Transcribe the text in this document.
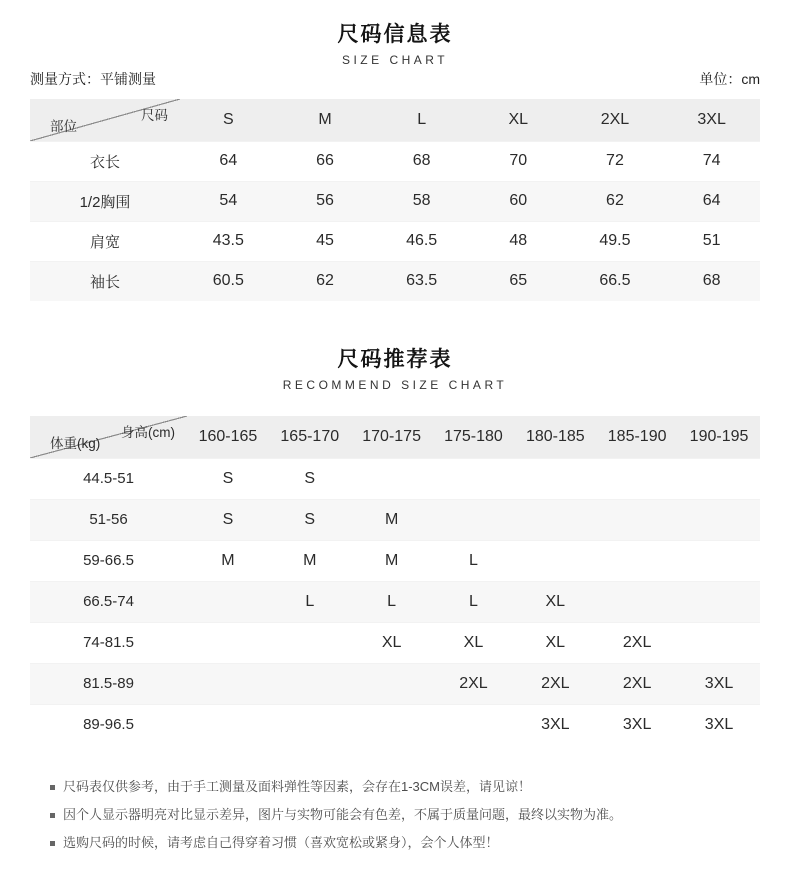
尺码信息表
SIZE CHART
测量方式：平铺测量	单位：cm
尺码
部位	S	M	L	XL	2XL	3XL
衣长	64	66	68	70	72	74
1/2胸围	54	56	58	60	62	64
肩宽	43.5	45	46.5	48	49.5	51
袖长	60.5	62	63.5	65	66.5	68
尺码推荐表
RECOMMEND SIZE CHART
身高(cm)
体重(kg)	160-165	165-170	170-175	175-180	180-185	185-190	190-195
44.5-51	S	S					
51-56	S	S	M				
59-66.5	M	M	M	L			
66.5-74		L	L	L	XL		
74-81.5			XL	XL	XL	2XL	
81.5-89				2XL	2XL	2XL	3XL
89-96.5					3XL	3XL	3XL
尺码表仅供参考，由于手工测量及面料弹性等因素，会存在1-3CM误差，请见谅！
因个人显示器明亮对比显示差异，图片与实物可能会有色差，不属于质量问题，最终以实物为准。
选购尺码的时候，请考虑自己得穿着习惯（喜欢宽松或紧身），会个人体型！
